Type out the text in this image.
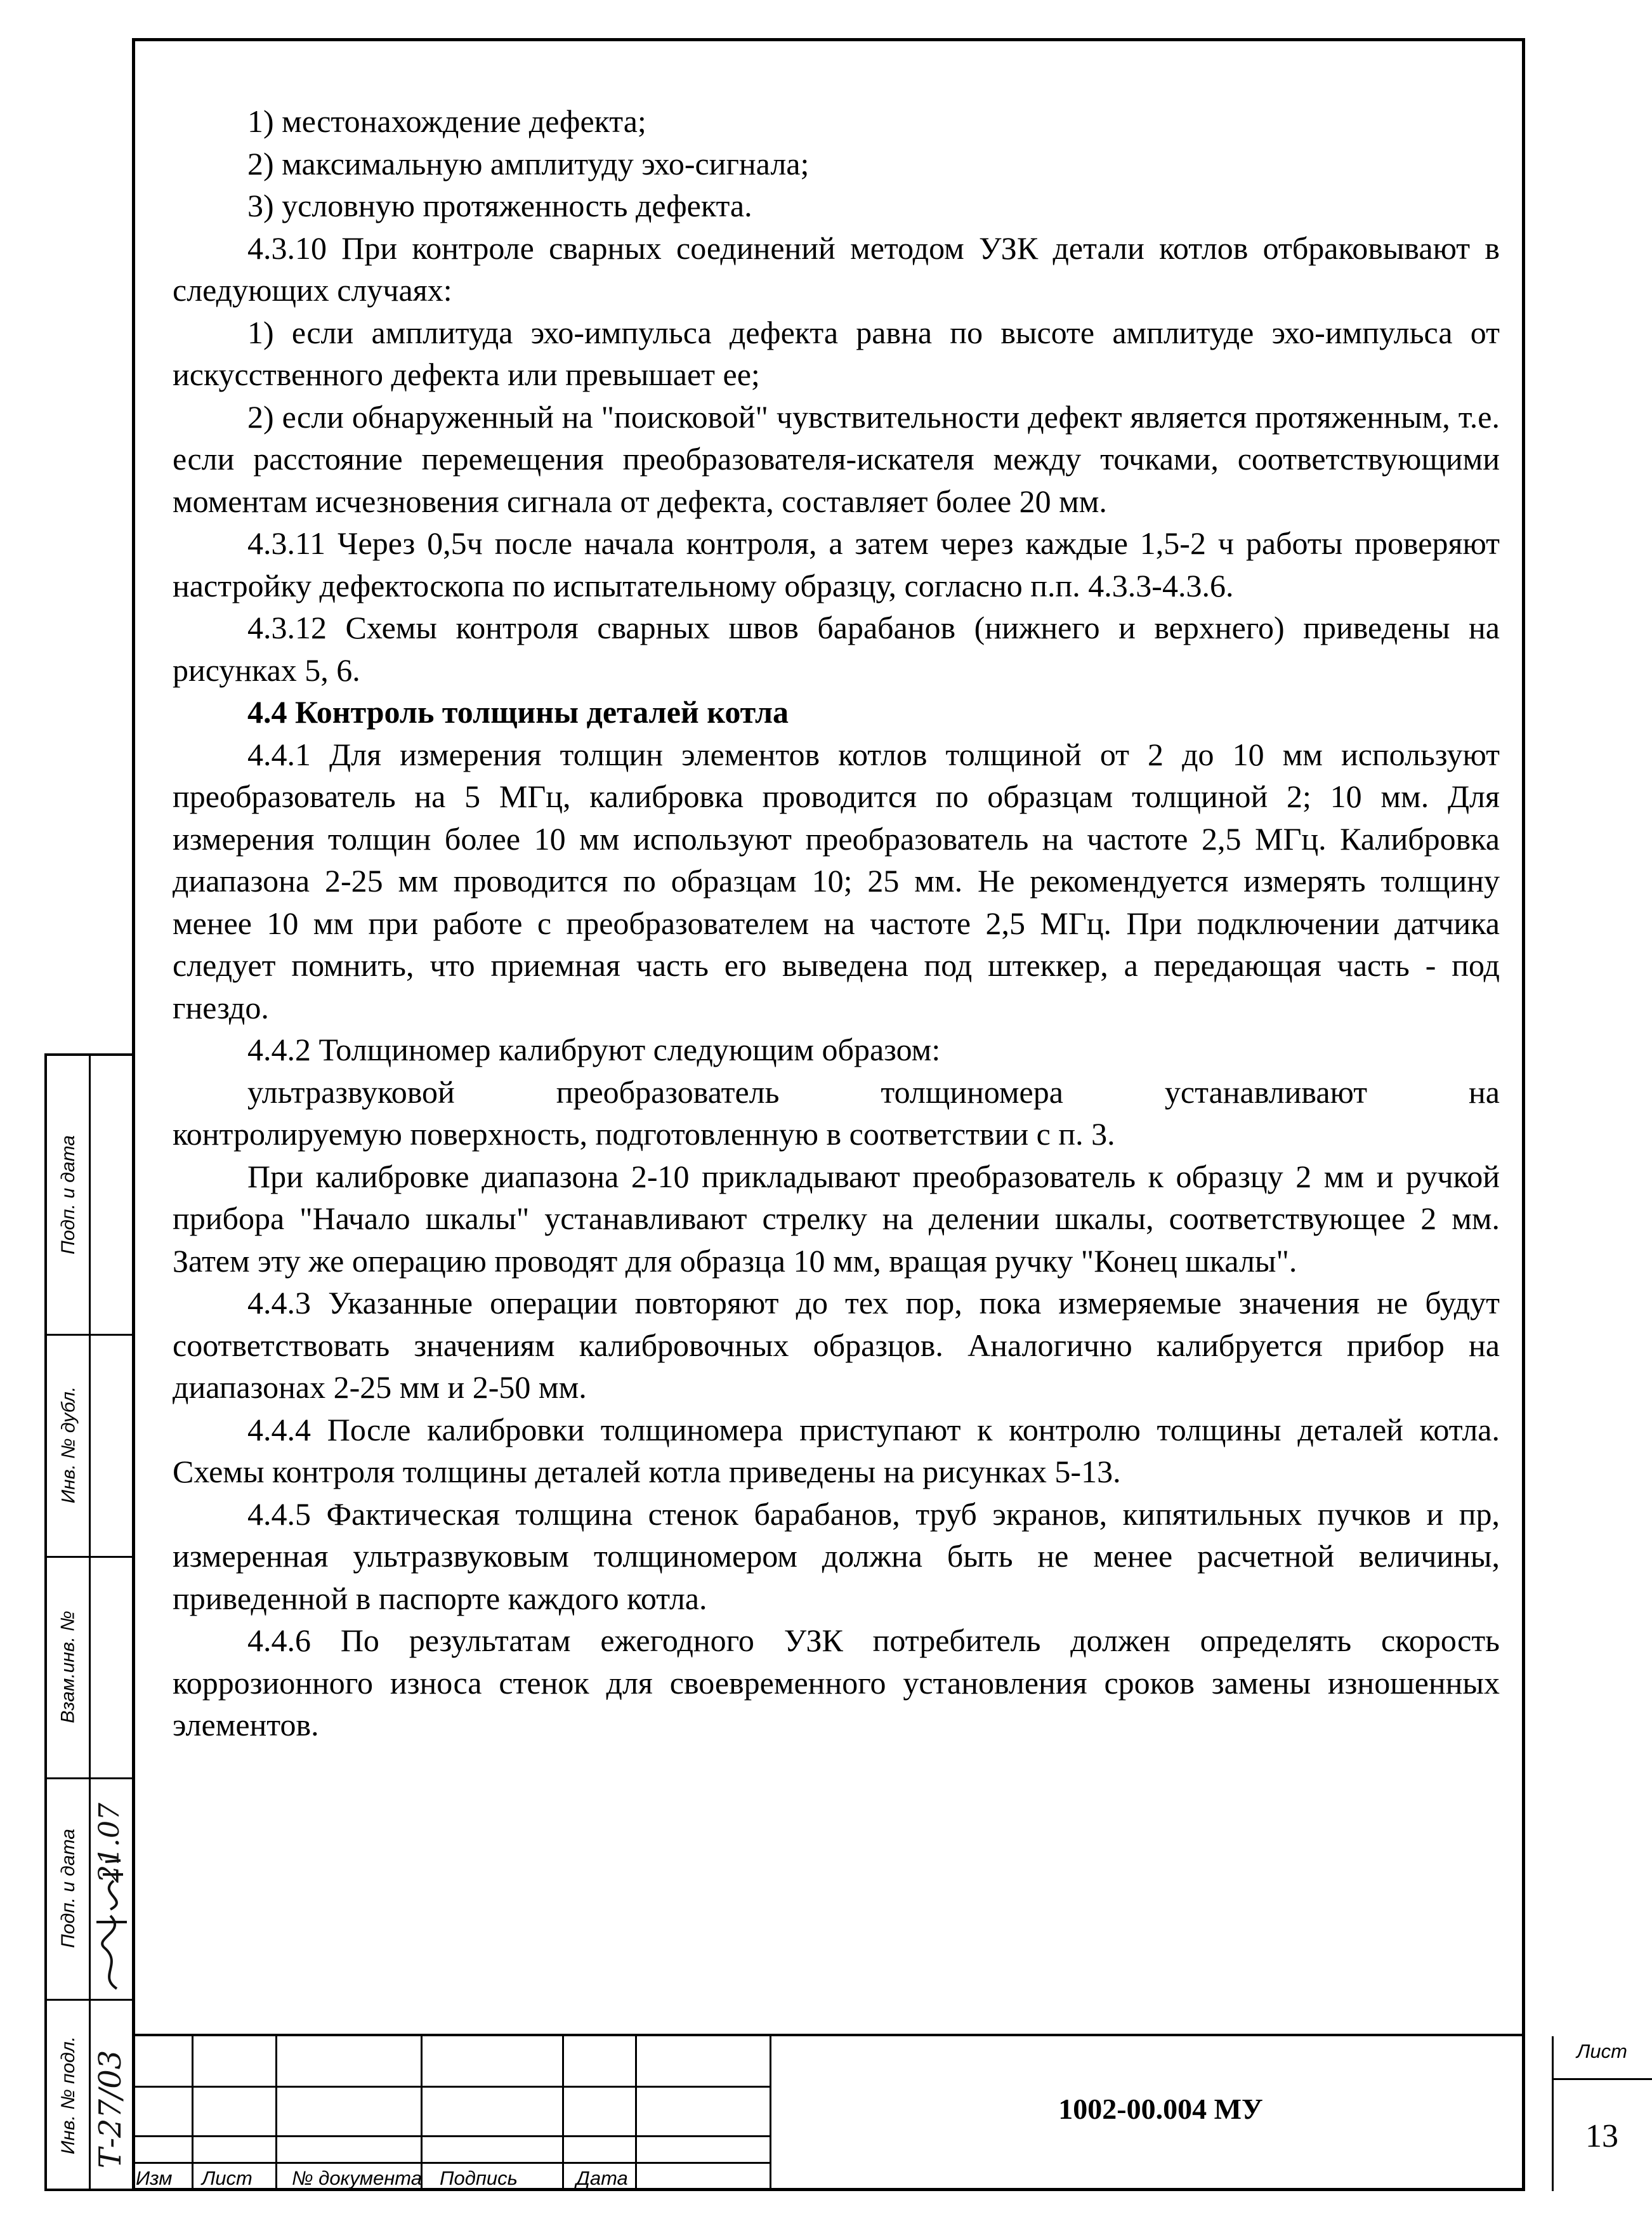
1) местонахождение дефекта;

2) максимальную амплитуду эхо-сигнала;

3) условную протяженность дефекта.

4.3.10 При контроле сварных соединений методом УЗК детали котлов отбраковывают в следующих случаях:

1) если амплитуда эхо-импульса дефекта равна по высоте амплитуде эхо-импульса от искусственного дефекта или превышает ее;

2) если обнаруженный на "поисковой" чувствительности дефект является протяженным, т.е. если расстояние перемещения преобразователя-искателя между точками, соответствующими моментам исчезновения сигнала от дефекта, составляет более 20 мм.

4.3.11 Через 0,5ч после начала контроля, а затем через каждые 1,5-2 ч работы проверяют настройку дефектоскопа по испытательному образцу, согласно п.п. 4.3.3-4.3.6.

4.3.12 Схемы контроля сварных швов барабанов (нижнего и верхнего) приведены на рисунках 5, 6.

4.4 Контроль толщины деталей котла

4.4.1 Для измерения толщин элементов котлов толщиной от 2 до 10 мм используют преобразователь на 5 МГц, калибровка проводится по образцам толщиной 2; 10 мм. Для измерения толщин более 10 мм используют преобразователь на частоте 2,5 МГц. Калибровка диапазона 2-25 мм проводится по образцам 10; 25 мм. Не рекомендуется измерять толщину менее 10 мм при работе с преобразователем на частоте 2,5 МГц. При подключении датчика следует помнить, что приемная часть его выведена под штеккер, а передающая часть - под гнездо.

4.4.2 Толщиномер калибруют следующим образом:

ультразвуковой преобразователь толщиномера устанавливают на

контролируемую поверхность, подготовленную в соответствии с п. 3.

При калибровке диапазона 2-10 прикладывают преобразователь к образцу 2 мм и ручкой прибора "Начало шкалы" устанавливают стрелку на делении шкалы, соответствующее 2 мм. Затем эту же операцию проводят для образца 10 мм, вращая ручку "Конец шкалы".

4.4.3 Указанные операции повторяют до тех пор, пока измеряемые значения не будут соответствовать значениям калибровочных образцов. Аналогично калибруется прибор на диапазонах 2-25 мм и 2-50 мм.

4.4.4 После калибровки толщиномера приступают к контролю толщины деталей котла. Схемы контроля толщины деталей котла приведены на рисунках 5-13.

4.4.5 Фактическая толщина стенок барабанов, труб экранов, кипятильных пучков и пр, измеренная ультразвуковым толщиномером должна быть не менее расчетной величины, приведенной в паспорте каждого котла.

4.4.6 По результатам ежегодного УЗК потребитель должен определять скорость коррозионного износа стенок для своевременного установления сроков замены изношенных элементов.

Подп. и дата
Инв. № дубл.
Взам.инв. №
Подп. и дата
Инв. № подл.
21.07
Т-27/03
Изм Лист № документа Подпись	Дата
1002-00.004 МУ
Лист
13
